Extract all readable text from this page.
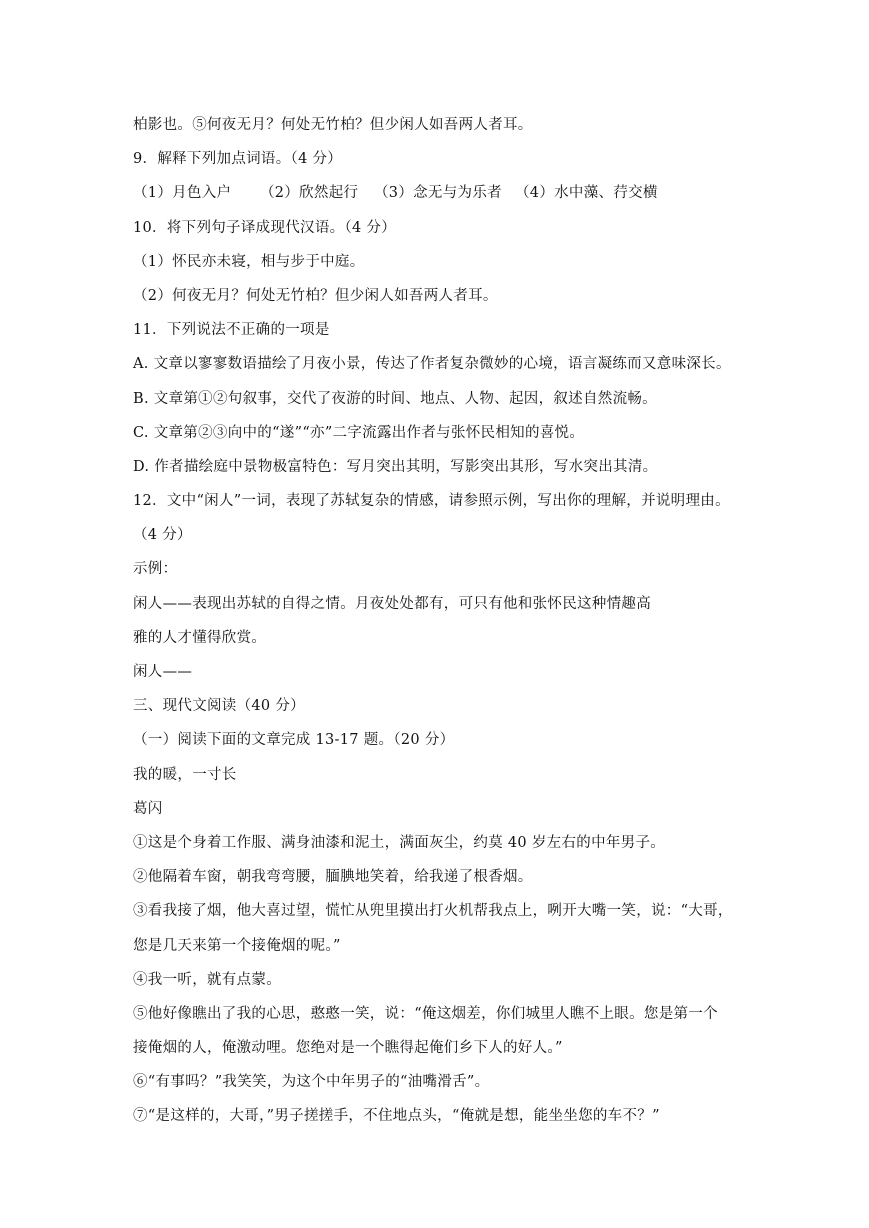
柏影也。⑤何夜无月？何处无竹柏？但少闲人如吾两人者耳。
9．解释下列加点词语。（4 分）
（1）月色入户 （2）欣然起行 （3）念无与为乐者 （4）水中藻、荇交横
10．将下列句子译成现代汉语。（4 分）
（1）怀民亦未寝，相与步于中庭。
（2）何夜无月？何处无竹柏？但少闲人如吾两人者耳。
11．下列说法不正确的一项是
A. 文章以寥寥数语描绘了月夜小景，传达了作者复杂微妙的心境，语言凝练而又意味深长。
B. 文章第①②句叙事，交代了夜游的时间、地点、人物、起因，叙述自然流畅。
C. 文章第②③向中的“遂”“亦”二字流露出作者与张怀民相知的喜悦。
D. 作者描绘庭中景物极富特色：写月突出其明，写影突出其形，写水突出其清。
12．文中“闲人”一词，表现了苏轼复杂的情感，请参照示例，写出你的理解，并说明理由。
（4 分）
示例：
闲人——表现出苏轼的自得之情。月夜处处都有，可只有他和张怀民这种情趣高
雅的人才懂得欣赏。
闲人——
三、现代文阅读（40 分）
（一）阅读下面的文章完成 13-17 题。（20 分）
我的暖，一寸长
葛闪
①这是个身着工作服、满身油漆和泥土，满面灰尘，约莫 40 岁左右的中年男子。
②他隔着车窗，朝我弯弯腰，腼腆地笑着，给我递了根香烟。
③看我接了烟，他大喜过望，慌忙从兜里摸出打火机帮我点上，咧开大嘴一笑，说：“大哥，
您是几天来第一个接俺烟的呢。”
④我一听，就有点蒙。
⑤他好像瞧出了我的心思，憨憨一笑，说：“俺这烟差，你们城里人瞧不上眼。您是第一个
接俺烟的人，俺激动哩。您绝对是一个瞧得起俺们乡下人的好人。”
⑥“有事吗？”我笑笑，为这个中年男子的“油嘴滑舌”。
⑦“是这样的，大哥，”男子搓搓手，不住地点头，“俺就是想，能坐坐您的车不？”
